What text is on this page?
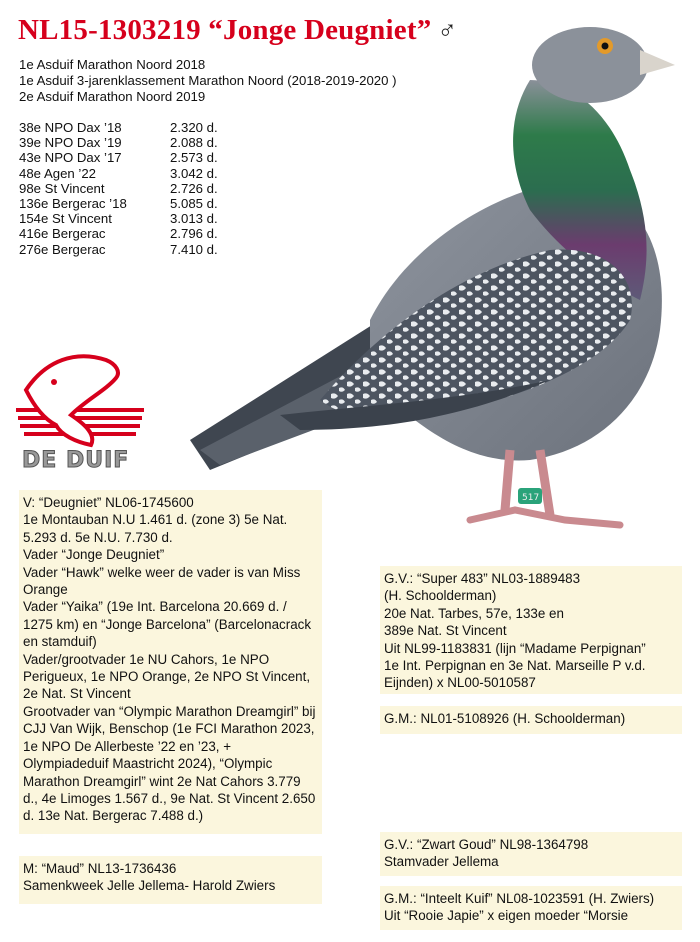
NL15-1303219 “Jonge Deugniet” ♂
1e Asduif Marathon Noord 2018
1e Asduif 3-jarenklassement Marathon Noord (2018-2019-2020 )
2e Asduif Marathon Noord 2019
38e NPO Dax ’18	2.320 d.
39e NPO Dax ’19	2.088 d.
43e NPO Dax ’17	2.573 d.
48e Agen ’22	3.042 d.
98e St Vincent	2.726 d.
136e Bergerac ’18	5.085 d.
154e St Vincent	3.013 d.
416e Bergerac	2.796 d.
276e Bergerac	7.410 d.
517
DE DUIF
V: “Deugniet” NL06-1745600
1e Montauban N.U 1.461 d. (zone 3) 5e Nat. 5.293 d. 5e N.U. 7.730 d.
Vader “Jonge Deugniet”
Vader “Hawk” welke weer de vader is van Miss Orange
Vader “Yaika” (19e Int. Barcelona 20.669 d. / 1275 km) en “Jonge Barcelona” (Barcelonacrack en stamduif)
Vader/grootvader 1e NU Cahors, 1e NPO Perigueux, 1e NPO Orange, 2e NPO St Vincent, 2e Nat. St Vincent
Grootvader van “Olympic Marathon Dreamgirl” bij CJJ Van Wijk, Benschop (1e FCI Marathon 2023, 1e NPO De Allerbeste ’22 en ’23, + Olympiadeduif Maastricht 2024), “Olympic Marathon Dreamgirl” wint 2e Nat Cahors 3.779 d., 4e Limoges 1.567 d., 9e Nat. St Vincent 2.650 d. 13e Nat. Bergerac 7.488 d.)
M: “Maud” NL13-1736436
Samenkweek Jelle Jellema- Harold Zwiers
G.V.: “Super 483” NL03-1889483
(H. Schoolderman)
20e Nat. Tarbes, 57e, 133e en
389e Nat. St Vincent
Uit NL99-1183831 (lijn “Madame Perpignan”
1e Int. Perpignan en 3e Nat. Marseille P v.d. Eijnden) x NL00-5010587
G.M.: NL01-5108926 (H. Schoolderman)
G.V.: “Zwart Goud” NL98-1364798
Stamvader Jellema
G.M.: “Inteelt Kuif” NL08-1023591 (H. Zwiers)
Uit “Rooie Japie” x eigen moeder “Morsie
